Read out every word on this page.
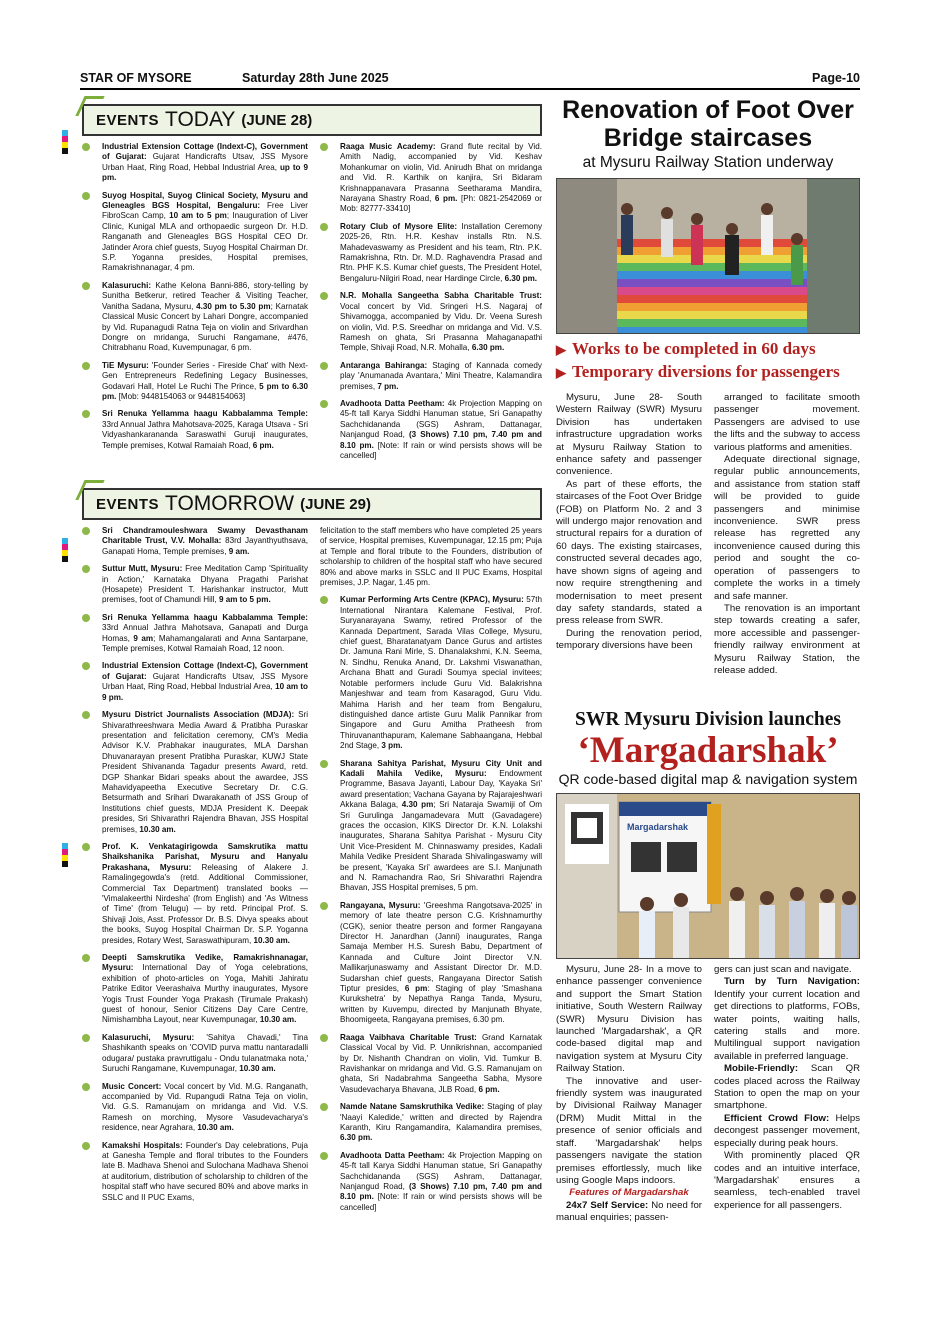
STAR OF MYSORE	Saturday 28th June 2025	Page-10
EVENTS TODAY (JUNE 28)
Industrial Extension Cottage (Indext-C), Government of Gujarat: Gujarat Handicrafts Utsav, JSS Mysore Urban Haat, Ring Road, Hebbal Industrial Area, up to 9 pm.
Suyog Hospital, Suyog Clinical Society, Mysuru and Gleneagles BGS Hospital, Bengaluru: Free Liver FibroScan Camp, 10 am to 5 pm; Inauguration of Liver Clinic, Kunigal MLA and orthopaedic surgeon Dr. H.D. Ranganath and Gleneagles BGS Hospital CEO Dr. Jatinder Arora chief guests, Suyog Hospital Chairman Dr. S.P. Yoganna presides, Hospital premises, Ramakrishnanagar, 4 pm.
Kalasuruchi: Kathe Kelona Banni-886, story-telling by Sunitha Betkerur, retired Teacher & Visiting Teacher, Vanitha Sadana, Mysuru, 4.30 pm to 5.30 pm; Karnatak Classical Music Concert by Lahari Dongre, accompanied by Vid. Rupanagudi Ratna Teja on violin and Srivardhan Dongre on mridanga, Suruchi Rangamane, #476, Chitrabhanu Road, Kuvempunagar, 6 pm.
TiE Mysuru: 'Founder Series - Fireside Chat' with Next-Gen Entrepreneurs Redefining Legacy Businesses, Godavari Hall, Hotel Le Ruchi The Prince, 5 pm to 6.30 pm. [Mob: 9448154063 or 9448154063]
Sri Renuka Yellamma haagu Kabbalamma Temple: 33rd Annual Jathra Mahotsava-2025, Karaga Utsava - Sri Vidyashankarananda Saraswathi Guruji inaugurates, Temple premises, Kotwal Ramaiah Road, 6 pm.
Raaga Music Academy: Grand flute recital by Vid. Amith Nadig, accompanied by Vid. Keshav Mohankumar on violin, Vid. Anirudh Bhat on mridanga and Vid. R. Karthik on kanjira, Sri Bidaram Krishnappanavara Prasanna Seetharama Mandira, Narayana Shastry Road, 6 pm. [Ph: 0821-2542069 or Mob: 82777-33410]
Rotary Club of Mysore Elite: Installation Ceremony 2025-26, Rtn. H.R. Keshav installs Rtn. N.S. Mahadevaswamy as President and his team, Rtn. P.K. Ramakrishna, Rtn. Dr. M.D. Raghavendra Prasad and Rtn. PHF K.S. Kumar chief guests, The President Hotel, Bengaluru-Nilgiri Road, near Hardinge Circle, 6.30 pm.
N.R. Mohalla Sangeetha Sabha Charitable Trust: Vocal concert by Vid. Sringeri H.S. Nagaraj of Shivamogga, accompanied by Vidu. Dr. Veena Suresh on violin, Vid. P.S. Sreedhar on mridanga and Vid. V.S. Ramesh on ghata, Sri Prasanna Mahaganapathi Temple, Shivaji Road, N.R. Mohalla, 6.30 pm.
Antaranga Bahiranga: Staging of Kannada comedy play 'Anumanada Avantara,' Mini Theatre, Kalamandira premises, 7 pm.
Avadhoota Datta Peetham: 4k Projection Mapping on 45-ft tall Karya Siddhi Hanuman statue, Sri Ganapathy Sachchidananda (SGS) Ashram, Dattanagar, Nanjangud Road, (3 Shows) 7.10 pm, 7.40 pm and 8.10 pm. [Note: If rain or wind persists shows will be cancelled]
EVENTS TOMORROW (JUNE 29)
Sri Chandramouleshwara Swamy Devasthanam Charitable Trust, V.V. Mohalla: 83rd Jayanthyuthsava, Ganapati Homa, Temple premises, 9 am.
Suttur Mutt, Mysuru: Free Meditation Camp 'Spirituality in Action,' Karnataka Dhyana Pragathi Parishat (Hosapete) President T. Harishankar instructor, Mutt premises, foot of Chamundi Hill, 9 am to 5 pm.
Sri Renuka Yellamma haagu Kabbalamma Temple: 33rd Annual Jathra Mahotsava, Ganapati and Durga Homas, 9 am; Mahamangalarati and Anna Santarpane, Temple premises, Kotwal Ramaiah Road, 12 noon.
Industrial Extension Cottage (Indext-C), Government of Gujarat: Gujarat Handicrafts Utsav, JSS Mysore Urban Haat, Ring Road, Hebbal Industrial Area, 10 am to 9 pm.
Mysuru District Journalists Association (MDJA): Sri Shivarathreeshwara Media Award & Pratibha Puraskar presentation and felicitation ceremony, CM's Media Advisor K.V. Prabhakar inaugurates, MLA Darshan Dhuvanarayan present Pratibha Puraskar, KUWJ State President Shivananda Tagadur presents Award, retd. DGP Shankar Bidari speaks about the awardee, JSS Mahavidyapeetha Executive Secretary Dr. C.G. Betsurmath and Srihari Dwarakanath of JSS Group of Institutions chief guests, MDJA President K. Deepak presides, Sri Shivarathri Rajendra Bhavan, JSS Hospital premises, 10.30 am.
Prof. K. Venkatagirigowda Samskrutika mattu Shaikshanika Parishat, Mysuru and Hanyalu Prakashana, Mysuru: Releasing of Alakere J. Ramalingegowda's (retd. Additional Commissioner, Commercial Tax Department) translated books — 'Vimalakeerthi Nirdesha' (from English) and 'As Witness of Time' (from Telugu) — by retd. Principal Prof. S. Shivaji Jois, Asst. Professor Dr. B.S. Divya speaks about the books, Suyog Hospital Chairman Dr. S.P. Yoganna presides, Rotary West, Saraswathipuram, 10.30 am.
Deepti Samskrutika Vedike, Ramakrishnanagar, Mysuru: International Day of Yoga celebrations, exhibition of photo-articles on Yoga, Mahiti Jahiratu Patrike Editor Veerashaiva Murthy inaugurates, Mysore Yogis Trust Founder Yoga Prakash (Tirumale Prakash) guest of honour, Senior Citizens Day Care Centre, Nimishambha Layout, near Kuvempunagar, 10.30 am.
Kalasuruchi, Mysuru: 'Sahitya Chavadi,' Tina Shashikanth speaks on 'COVID purva mattu nantaradalli odugara/ pustaka pravruttigalu - Ondu tulanatmaka nota,' Suruchi Rangamane, Kuvempunagar, 10.30 am.
Music Concert: Vocal concert by Vid. M.G. Ranganath, accompanied by Vid. Rupangudi Ratna Teja on violin, Vid. G.S. Ramanujam on mridanga and Vid. V.S. Ramesh on morching, Mysore Vasudevacharya's residence, near Agrahara, 10.30 am.
Kamakshi Hospitals: Founder's Day celebrations, Puja at Ganesha Temple and floral tributes to the Founders late B. Madhava Shenoi and Sulochana Madhava Shenoi at auditorium, distribution of scholarship to children of the hospital staff who have secured 80% and above marks in SSLC and II PUC Exams,
felicitation to the staff members who have completed 25 years of service, Hospital premises, Kuvempunagar, 12.15 pm; Puja at Temple and floral tribute to the Founders, distribution of scholarship to children of the hospital staff who have secured 80% and above marks in SSLC and II PUC Exams, Hospital premises, J.P. Nagar, 1.45 pm.
Kumar Performing Arts Centre (KPAC), Mysuru: 57th International Nirantara Kalemane Festival, Prof. Suryanarayana Swamy, retired Professor of the Kannada Department, Sarada Vilas College, Mysuru, chief guest, Bharatanatyam Dance Gurus and artistes Dr. Jamuna Rani Mirle, S. Dhanalakshmi, K.N. Seema, N. Sindhu, Renuka Anand, Dr. Lakshmi Viswanathan, Archana Bhatt and Guradi Soumya special invitees; Notable performers include Guru Vid. Balakrishna Manjeshwar and team from Kasaragod, Guru Vidu. Mahima Harish and her team from Bengaluru, distinguished dance artiste Guru Malik Pannikar from Singapore and Guru Amitha Pratheesh from Thiruvananthapuram, Kalemane Sabhaangana, Hebbal 2nd Stage, 3 pm.
Sharana Sahitya Parishat, Mysuru City Unit and Kadali Mahila Vedike, Mysuru: Endowment Programme, Basava Jayanti, Labour Day, 'Kayaka Sri' award presentation; Vachana Gayana by Rajarajeshwari Akkana Balaga, 4.30 pm; Sri Nataraja Swamiji of Om Sri Gurulinga Jangamadevara Mutt (Gavadagere) graces the occasion, KIKS Director Dr. K.N. Lolakshi inaugurates, Sharana Sahitya Parishat - Mysuru City Unit Vice-President M. Chinnaswamy presides, Kadali Mahila Vedike President Sharada Shivalingaswamy will be present, 'Kayaka Sri' awardees are S.I. Manjunath and N. Ramachandra Rao, Sri Shivarathri Rajendra Bhavan, JSS Hospital premises, 5 pm.
Rangayana, Mysuru: 'Greeshma Rangotsava-2025' in memory of late theatre person C.G. Krishnamurthy (CGK), senior theatre person and former Rangayana Director H. Janardhan (Janni) inaugurates, Ranga Samaja Member H.S. Suresh Babu, Department of Kannada and Culture Joint Director V.N. Mallikarjunaswamy and Assistant Director Dr. M.D. Sudarshan chief guests, Rangayana Director Satish Tiptur presides, 6 pm: Staging of play 'Smashana Kurukshetra' by Nepathya Ranga Tanda, Mysuru, written by Kuvempu, directed by Manjunath Bhyate, Bhoomigeeta, Rangayana premises, 6.30 pm.
Raaga Vaibhava Charitable Trust: Grand Karnatak Classical Vocal by Vid. P. Unnikrishnan, accompanied by Dr. Nishanth Chandran on violin, Vid. Tumkur B. Ravishankar on mridanga and Vid. G.S. Ramanujam on ghata, Sri Nadabrahma Sangeetha Sabha, Mysore Vasudevacharya Bhavana, JLB Road, 6 pm.
Namde Natane Samskruthika Vedike: Staging of play 'Naayi Kaledide,' written and directed by Rajendra Karanth, Kiru Rangamandira, Kalamandira premises, 6.30 pm.
Avadhoota Datta Peetham: 4k Projection Mapping on 45-ft tall Karya Siddhi Hanuman statue, Sri Ganapathy Sachchidananda (SGS) Ashram, Dattanagar, Nanjangud Road, (3 Shows) 7.10 pm, 7.40 pm and 8.10 pm. [Note: If rain or wind persists shows will be cancelled]
Renovation of Foot Over Bridge staircases
at Mysuru Railway Station underway
▶ Works to be completed in 60 days
▶ Temporary diversions for passengers

Mysuru, June 28- South Western Railway (SWR) Mysuru Division has undertaken infrastructure upgradation works at Mysuru Railway Station to enhance safety and passenger convenience.

As part of these efforts, the staircases of the Foot Over Bridge (FOB) on Platform No. 2 and 3 will undergo major renovation and structural repairs for a duration of 60 days. The existing staircases, constructed several decades ago, have shown signs of ageing and now require strengthening and modernisation to meet present day safety standards, stated a press release from SWR.

During the renovation period, temporary diversions have been

arranged to facilitate smooth passenger movement. Passengers are advised to use the lifts and the subway to access various platforms and amenities.

Adequate directional signage, regular public announcements, and assistance from station staff will be provided to guide passengers and minimise inconvenience. SWR press release has regretted any inconvenience caused during this period and sought the co-operation of passengers to complete the works in a timely and safe manner.

The renovation is an important step towards creating a safer, more accessible and passenger-friendly railway environment at Mysuru Railway Station, the release added.

SWR Mysuru Division launches
‘Margadarshak’
QR code-based digital map & navigation system
Margadarshak

Mysuru, June 28- In a move to enhance passenger convenience and support the Smart Station initiative, South Western Railway (SWR) Mysuru Division has launched 'Margadarshak', a QR code-based digital map and navigation system at Mysuru City Railway Station.

The innovative and user-friendly system was inaugurated by Divisional Railway Manager (DRM) Mudit Mittal in the presence of senior officials and staff. 'Margadarshak' helps passengers navigate the station premises effortlessly, much like using Google Maps indoors.

Features of Margadarshak

24x7 Self Service: No need for manual enquiries; passen-

gers can just scan and navigate.

Turn by Turn Navigation: Identify your current location and get directions to platforms, FOBs, water points, waiting halls, catering stalls and more. Multilingual support navigation available in preferred language.

Mobile-Friendly: Scan QR codes placed across the Railway Station to open the map on your smartphone.

Efficient Crowd Flow: Helps decongest passenger movement, especially during peak hours.

With prominently placed QR codes and an intuitive interface, 'Margadarshak' ensures a seamless, tech-enabled travel experience for all passengers.
